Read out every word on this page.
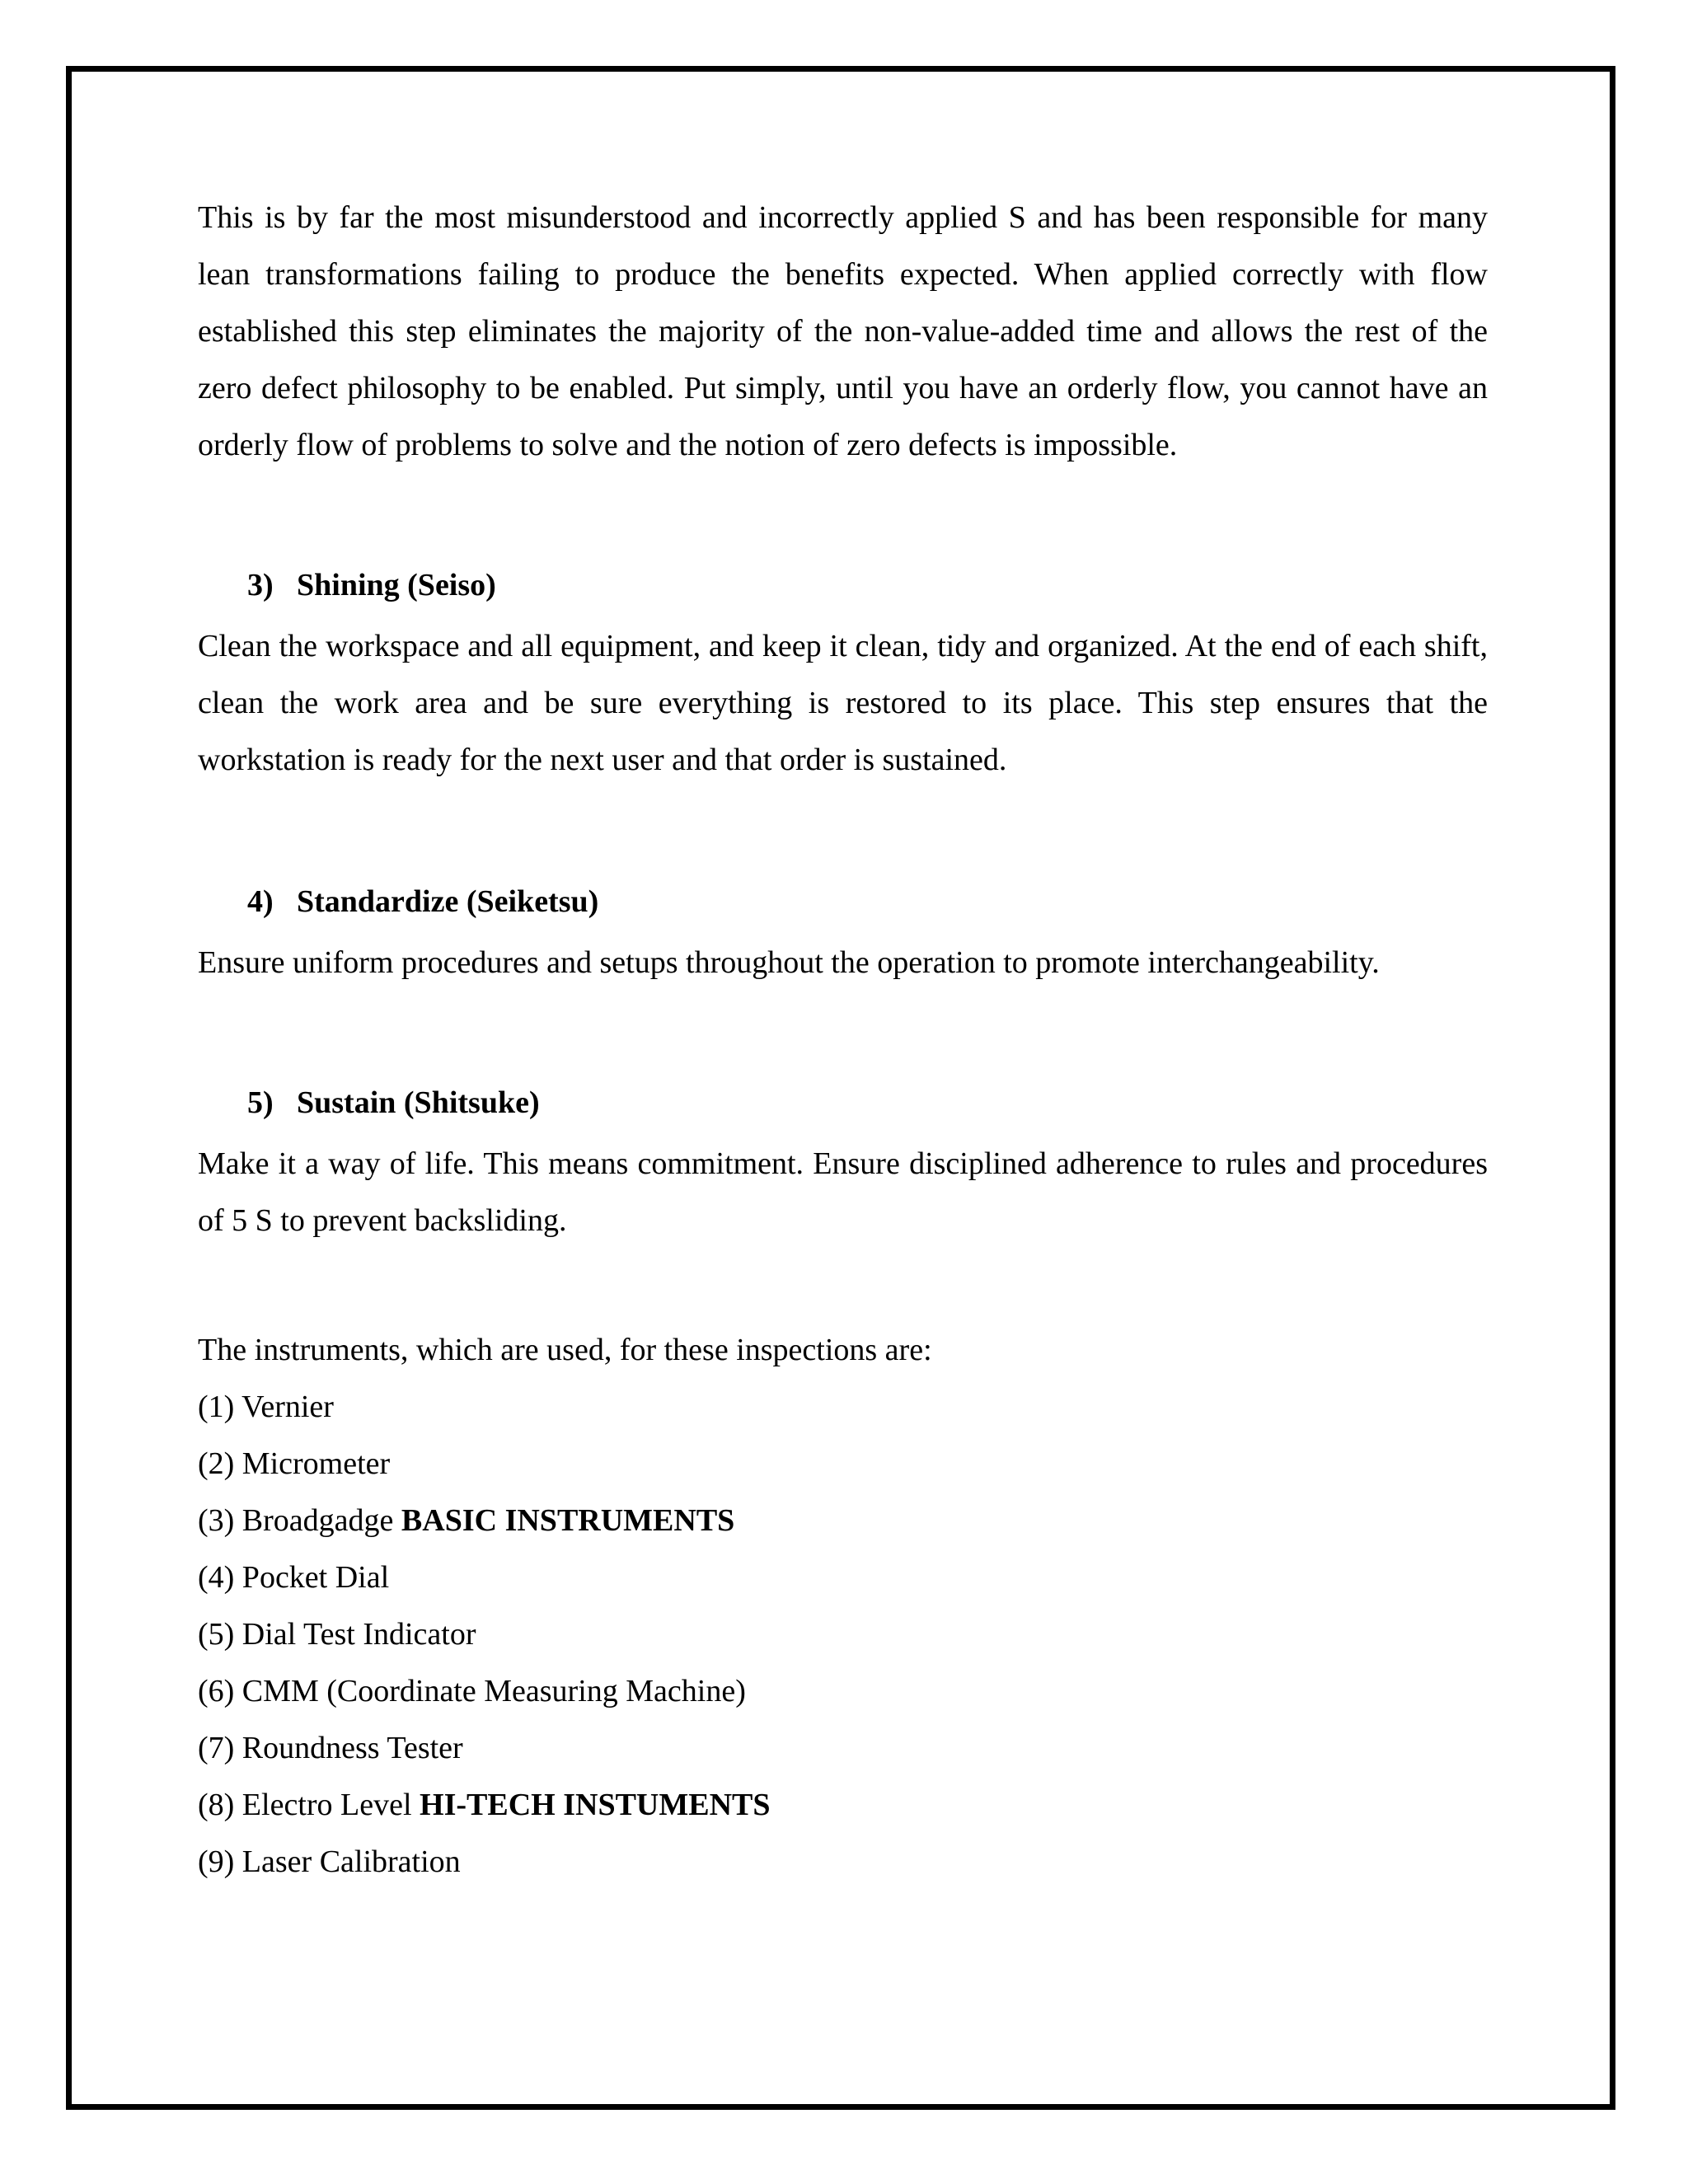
This is by far the most misunderstood and incorrectly applied S and has been responsible for many lean transformations failing to produce the benefits expected. When applied correctly with flow established this step eliminates the majority of the non-value-added time and allows the rest of the zero defect philosophy to be enabled. Put simply, until you have an orderly flow, you cannot have an orderly flow of problems to solve and the notion of zero defects is impossible.

3) Shining (Seiso)

Clean the workspace and all equipment, and keep it clean, tidy and organized. At the end of each shift, clean the work area and be sure everything is restored to its place. This step ensures that the workstation is ready for the next user and that order is sustained.

4) Standardize (Seiketsu)

Ensure uniform procedures and setups throughout the operation to promote interchangeability.

5) Sustain (Shitsuke)

Make it a way of life. This means commitment. Ensure disciplined adherence to rules and procedures of 5 S to prevent backsliding.

The instruments, which are used, for these inspections are:

(1) Vernier
(2) Micrometer
(3) Broadgadge BASIC INSTRUMENTS
(4) Pocket Dial
(5) Dial Test Indicator
(6) CMM (Coordinate Measuring Machine)
(7) Roundness Tester
(8) Electro Level HI-TECH INSTUMENTS
(9) Laser Calibration
